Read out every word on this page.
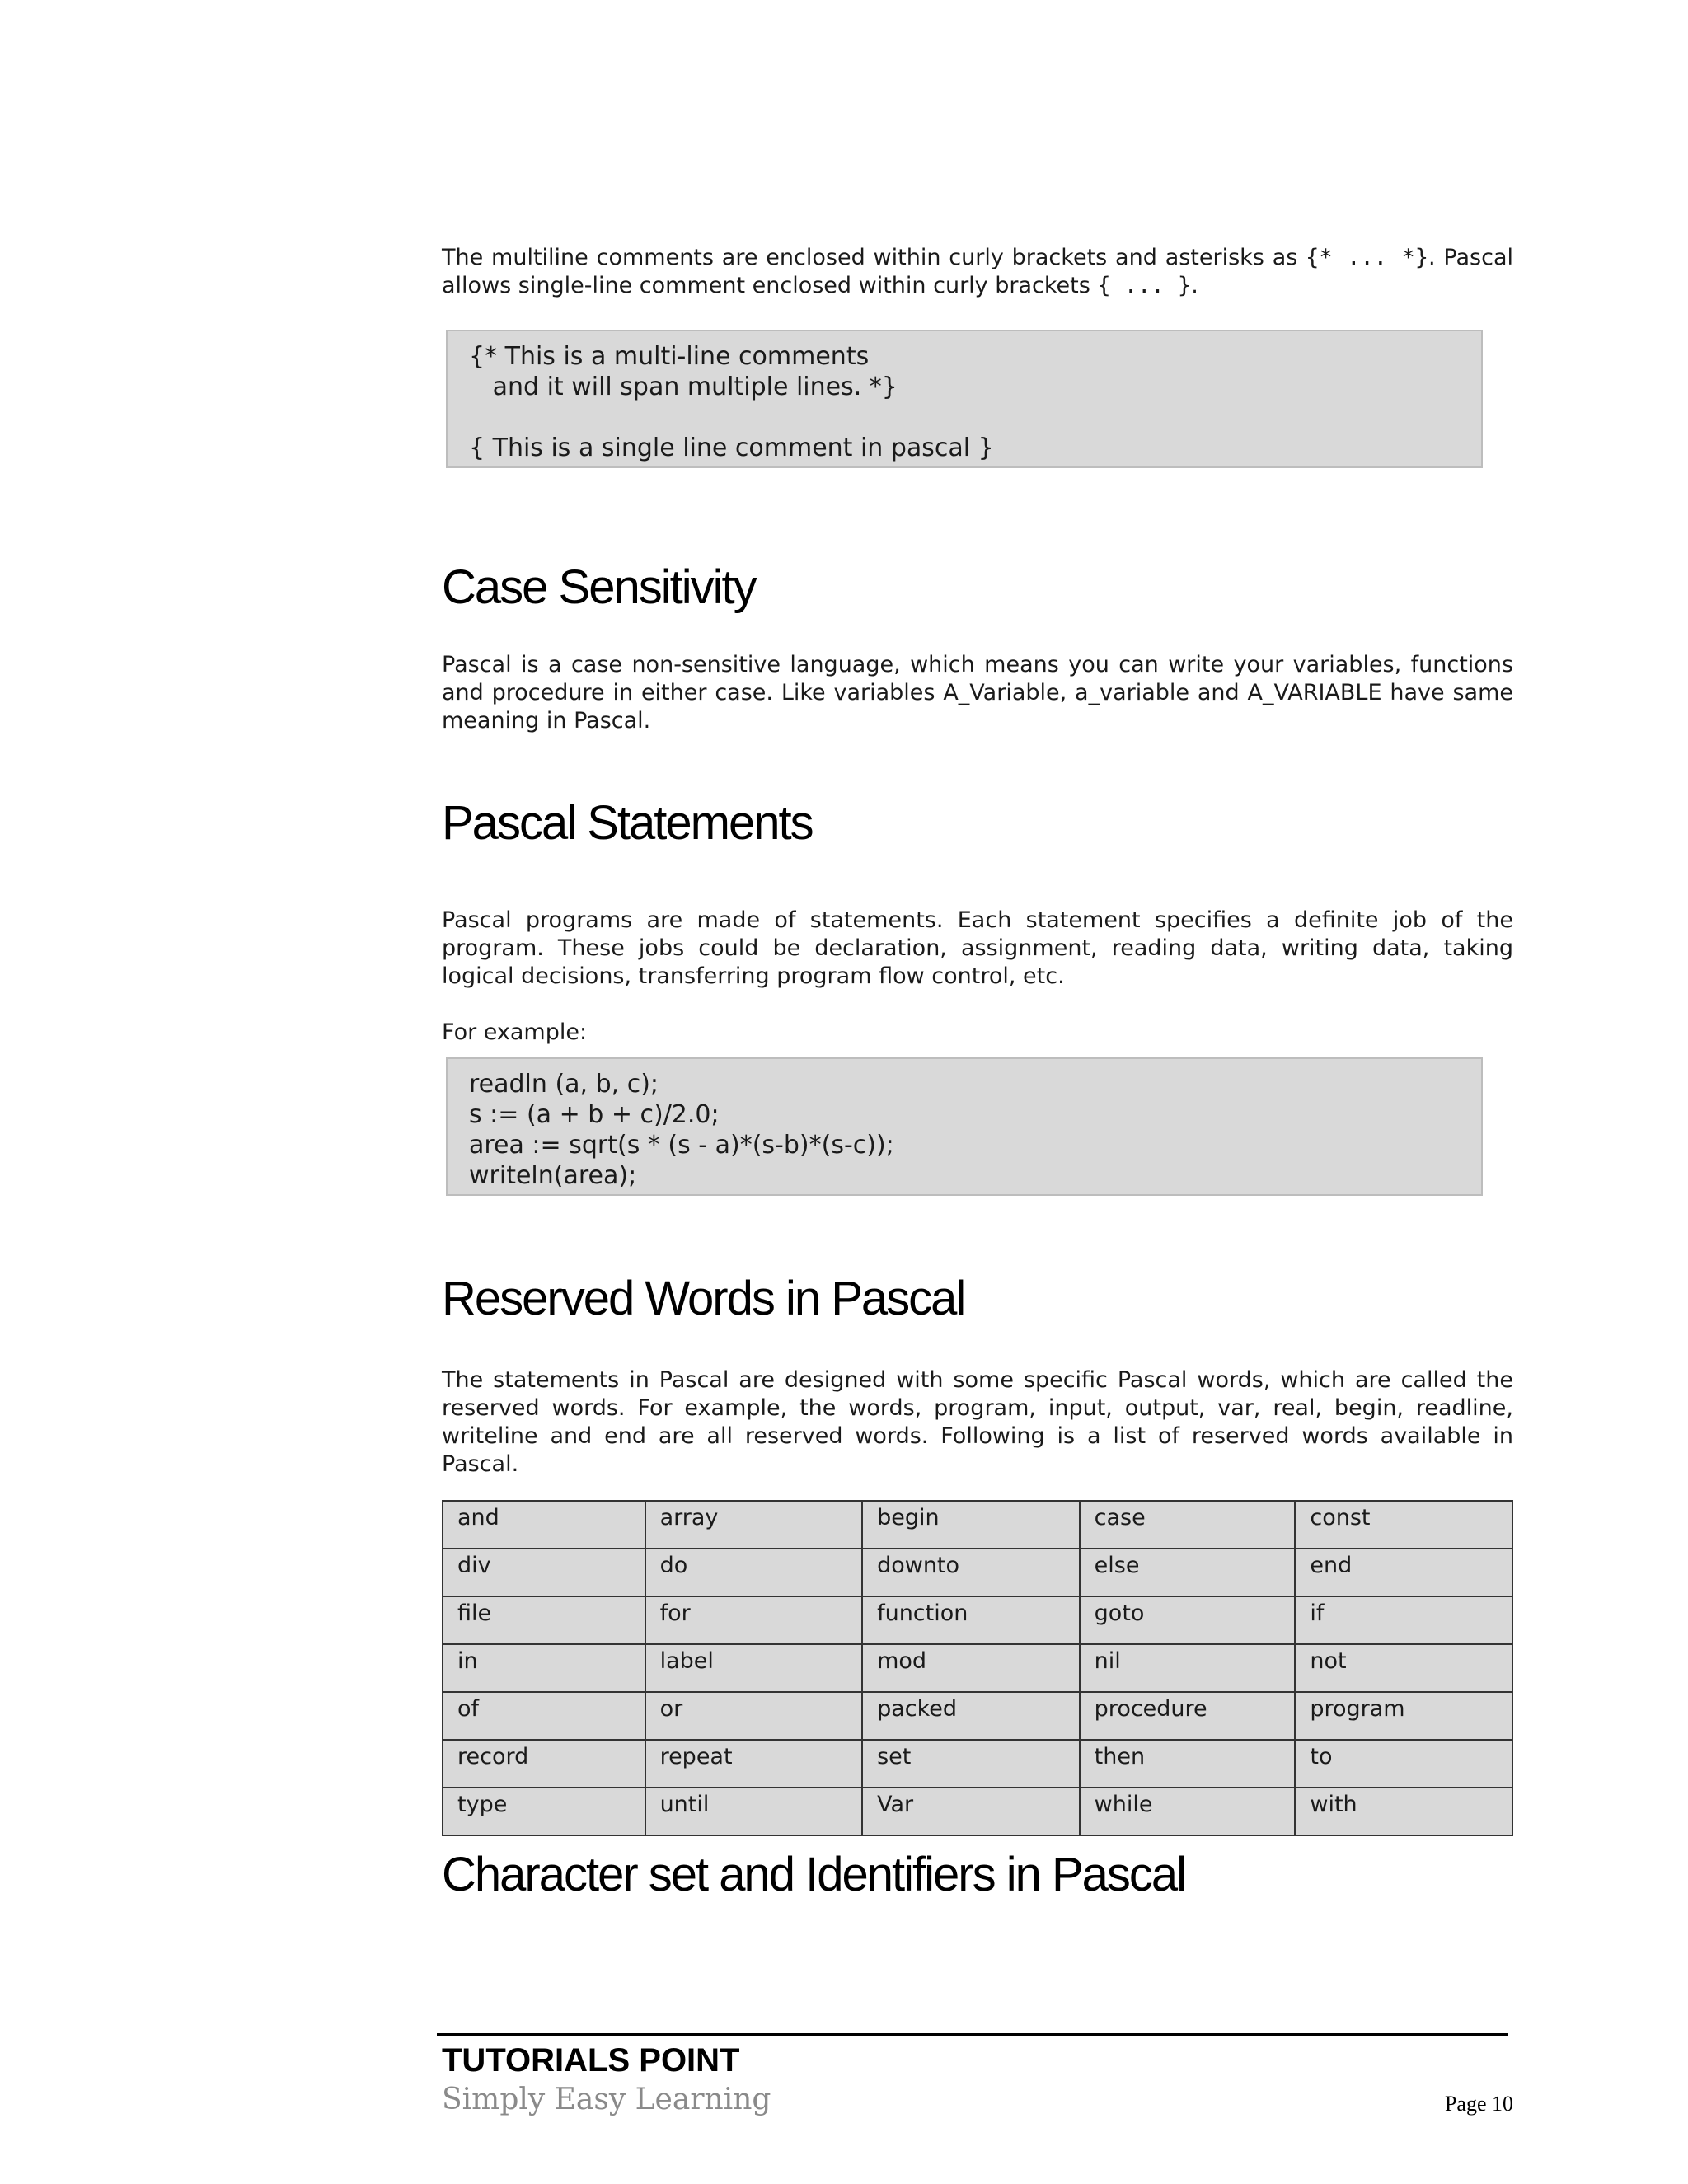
The multiline comments are enclosed within curly brackets and asterisks as {* ... *}. Pascal allows single-line comment enclosed within curly brackets { ... }.

{* This is a multi-line comments
and it will span multiple lines. *}

{ This is a single line comment in pascal }
Case Sensitivity

Pascal is a case non-sensitive language, which means you can write your variables, functions and procedure in either case. Like variables A_Variable, a_variable and A_VARIABLE have same meaning in Pascal.

Pascal Statements

Pascal programs are made of statements. Each statement specifies a definite job of the program. These jobs could be declaration, assignment, reading data, writing data, taking logical decisions, transferring program flow control, etc.

For example:

readln (a, b, c);
s := (a + b + c)/2.0;
area := sqrt(s * (s - a)*(s-b)*(s-c));
writeln(area);
Reserved Words in Pascal

The statements in Pascal are designed with some specific Pascal words, which are called the reserved words. For example, the words, program, input, output, var, real, begin, readline, writeline and end are all reserved words. Following is a list of reserved words available in Pascal.

and	array	begin	case	const
div	do	downto	else	end
file	for	function	goto	if
in	label	mod	nil	not
of	or	packed	procedure	program
record	repeat	set	then	to
type	until	Var	while	with
Character set and Identifiers in Pascal
TUTORIALS POINT
Simply Easy Learning	Page 10
